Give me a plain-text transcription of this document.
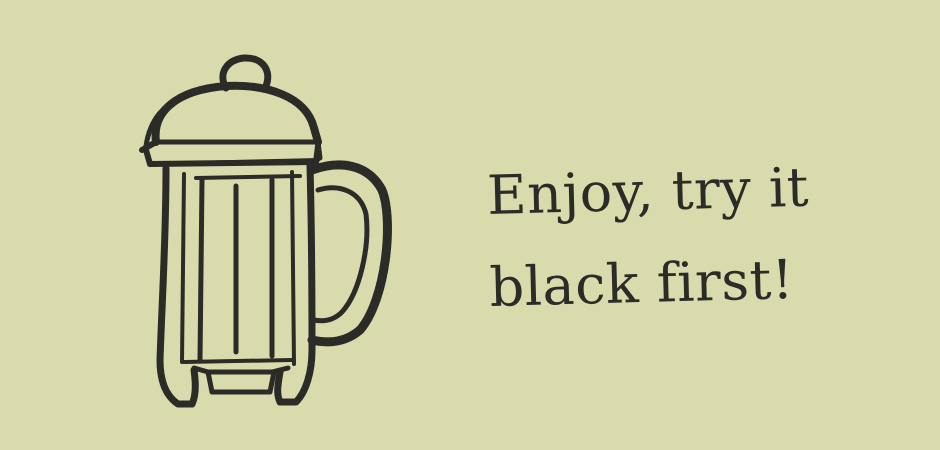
Enjoy, try it
black first!
